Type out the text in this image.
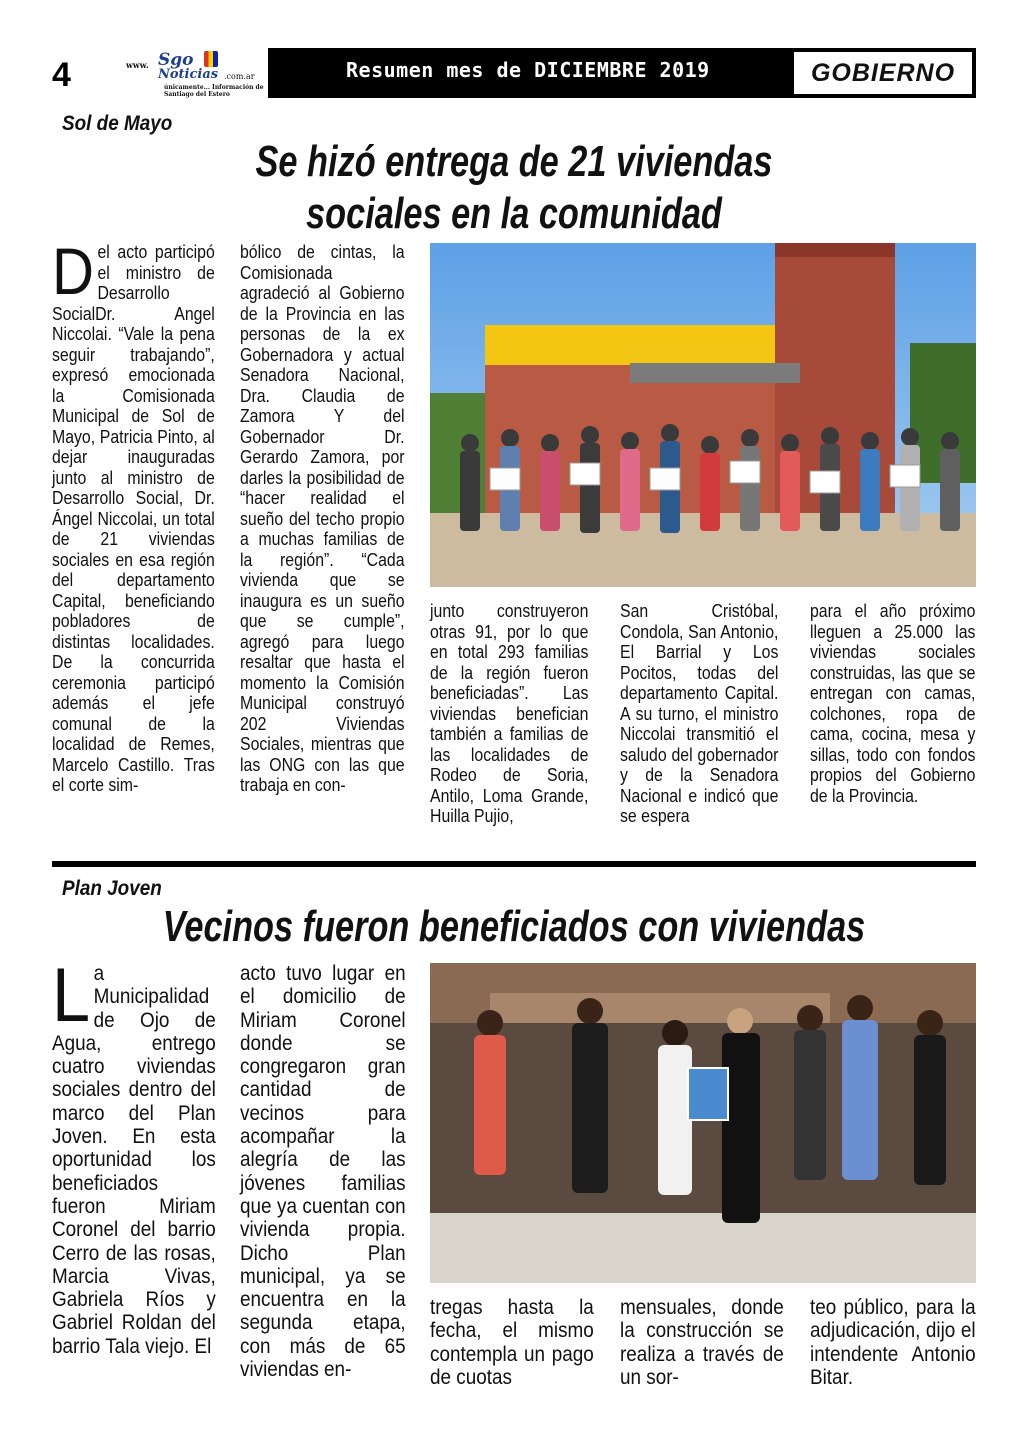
4	www. Sgo
Noticias .com.ar
únicamente... Información de Santiago del Estero
Resumen mes de DICIEMBRE 2019	GOBIERNO
Sol de Mayo
Se hizó entrega de 21 viviendas
sociales en la comunidad
Del acto participó el ministro de Desarrollo SocialDr. Angel Niccolai. “Vale la pena seguir trabajando”, expresó emocionada la Comisionada Municipal de Sol de Mayo, Patricia Pinto, al dejar inauguradas junto al ministro de Desarrollo Social, Dr. Ángel Niccolai, un total de 21 viviendas sociales en esa región del departamento Capital, beneficiando pobladores de distintas localidades. De la concurrida ceremonia participó además el jefe comunal de la localidad de Remes, Marcelo Castillo. Tras el corte sim-
bólico de cintas, la Comisionada agradeció al Gobierno de la Provincia en las personas de la ex Gobernadora y actual Senadora Nacional, Dra. Claudia de Zamora Y del Gobernador Dr. Gerardo Zamora, por darles la posibilidad de “hacer realidad el sueño del techo propio a muchas familias de la región”. “Cada vivienda que se inaugura es un sueño que se cumple”, agregó para luego resaltar que hasta el momento la Comisión Municipal construyó 202 Viviendas Sociales, mientras que las ONG con las que trabaja en con-
junto construyeron otras 91, por lo que en total 293 familias de la región fueron beneficiadas”. Las viviendas benefician también a familias de las localidades de Rodeo de Soria, Antilo, Loma Grande, Huilla Pujio,
San Cristóbal, Condola, San Antonio, El Barrial y Los Pocitos, todas del departamento Capital. A su turno, el ministro Niccolai transmitió el saludo del gobernador y de la Senadora Nacional e indicó que se espera
para el año próximo lleguen a 25.000 las viviendas sociales construidas, las que se entregan con camas, colchones, ropa de cama, cocina, mesa y sillas, todo con fondos propios del Gobierno de la Provincia.
Plan Joven
Vecinos fueron beneficiados con viviendas
La Municipalidad de Ojo de Agua, entrego cuatro viviendas sociales dentro del marco del Plan Joven. En esta oportunidad los beneficiados fueron Miriam Coronel del barrio Cerro de las rosas, Marcia Vivas, Gabriela Ríos y Gabriel Roldan del barrio Tala viejo. El
acto tuvo lugar en el domicilio de Miriam Coronel donde se congregaron gran cantidad de vecinos para acompañar la alegría de las jóvenes familias que ya cuentan con vivienda propia. Dicho Plan municipal, ya se encuentra en la segunda etapa, con más de 65 viviendas en-
tregas hasta la fecha, el mismo contempla un pago de cuotas
mensuales, donde la construcción se realiza a través de un sor-
teo público, para la adjudicación, dijo el intendente Antonio Bitar.
